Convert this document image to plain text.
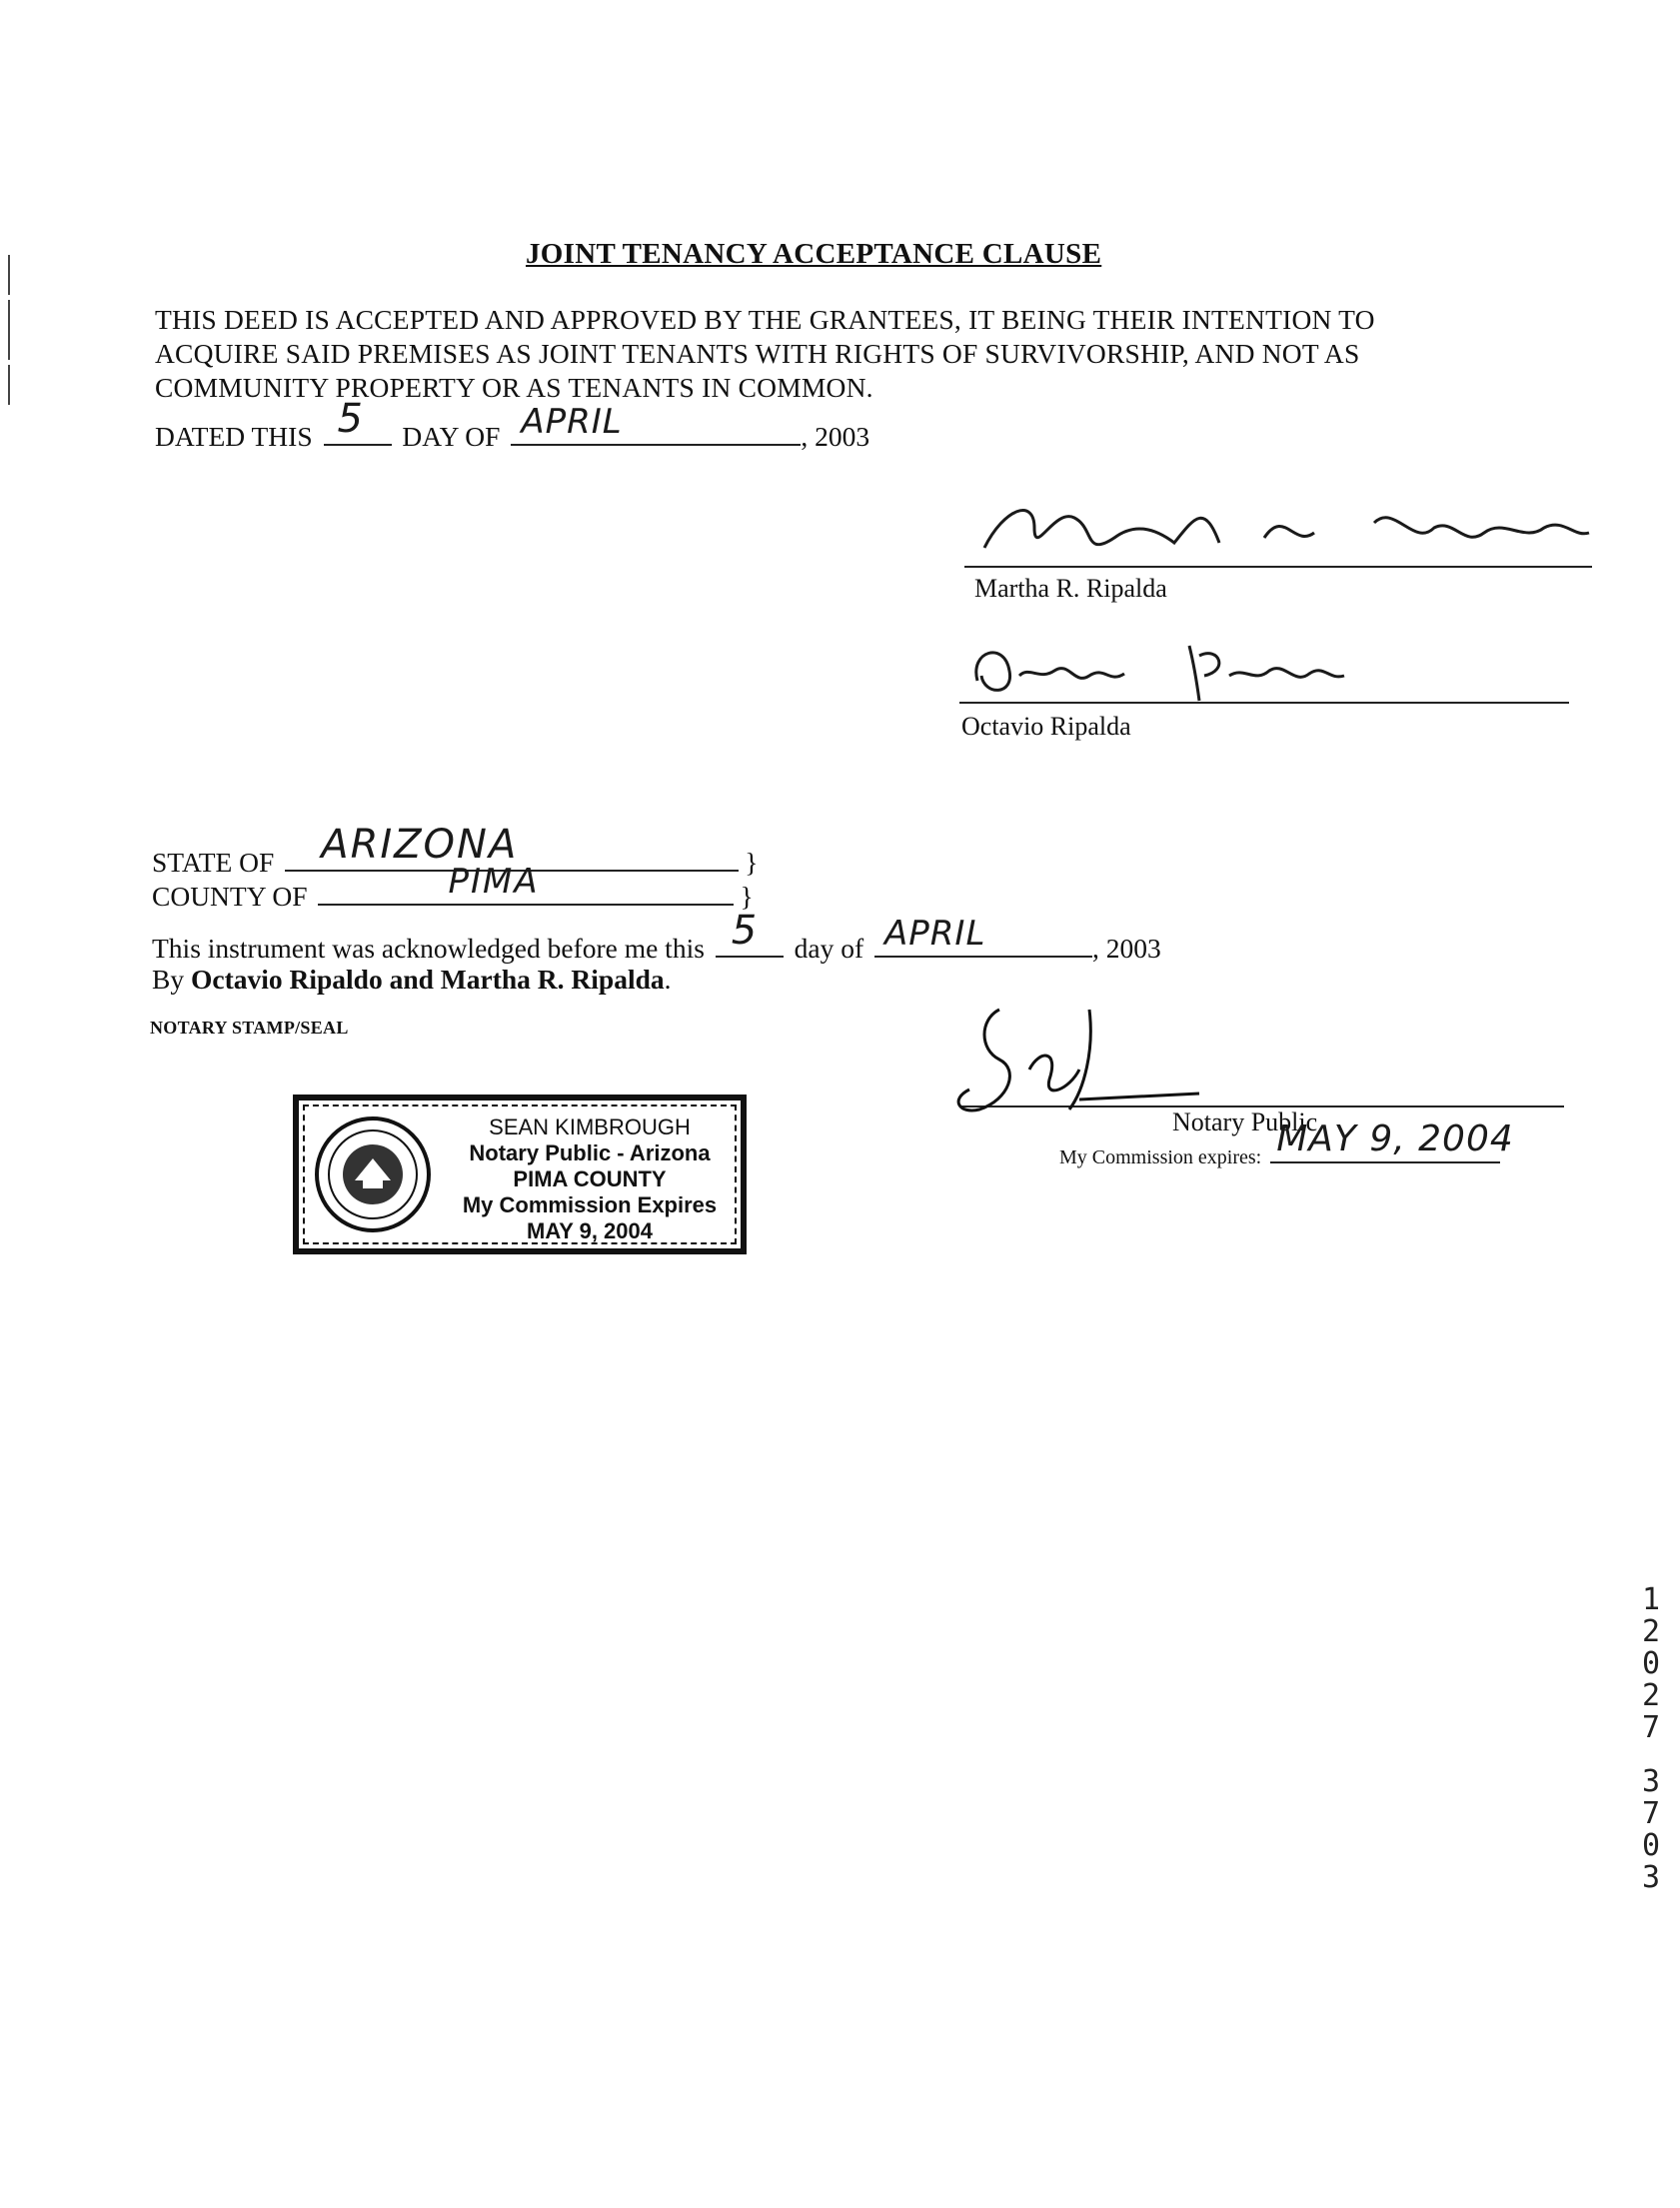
JOINT TENANCY ACCEPTANCE CLAUSE
THIS DEED IS ACCEPTED AND APPROVED BY THE GRANTEES, IT BEING THEIR INTENTION TO
ACQUIRE SAID PREMISES AS JOINT TENANTS WITH RIGHTS OF SURVIVORSHIP, AND NOT AS
COMMUNITY PROPERTY OR AS TENANTS IN COMMON.
DATED THIS 5 DAY OF APRIL	, 2003
Martha R. Ripalda
Octavio Ripalda
STATE OF ARIZONA	}
COUNTY OF	PIMA	}
This instrument was acknowledged before me this 5 day of APRIL	, 2003
By Octavio Ripaldo and Martha R. Ripalda.
NOTARY STAMP/SEAL
SEAN KIMBROUGH
Notary Public - Arizona
PIMA COUNTY
My Commission Expires
MAY 9, 2004
Notary Public
My Commission expires: MAY 9, 2004
1
2
0
2
7
3
7
0
3
